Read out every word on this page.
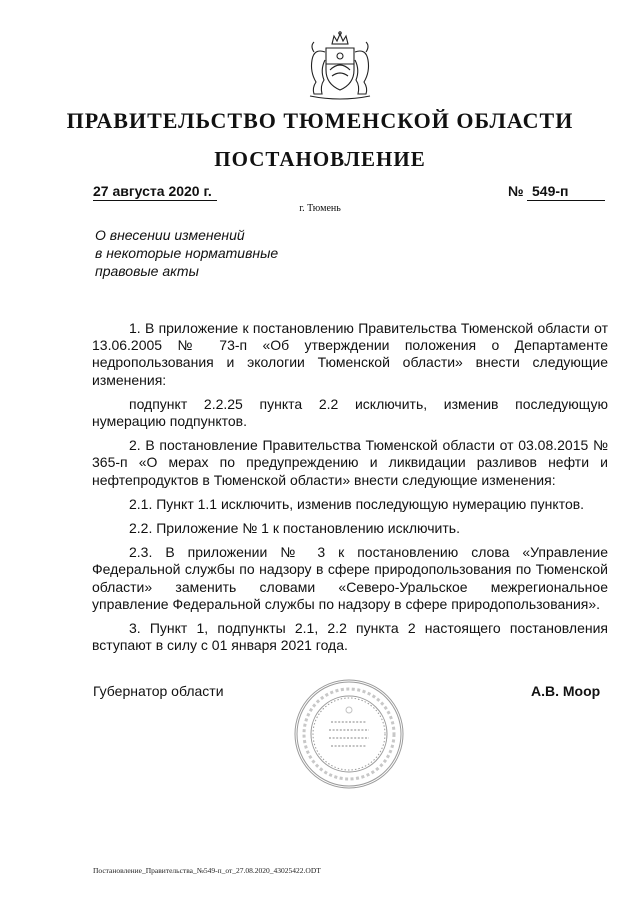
ПРАВИТЕЛЬСТВО ТЮМЕНСКОЙ ОБЛАСТИ
ПОСТАНОВЛЕНИЕ
27 августа 2020 г.	№ 549-п
г. Тюмень
О внесении изменений
в некоторые нормативные
правовые акты

1. В приложение к постановлению Правительства Тюменской области от 13.06.2005 № 73-п «Об утверждении положения о Департаменте недропользования и экологии Тюменской области» внести следующие изменения:

подпункт 2.2.25 пункта 2.2 исключить, изменив последующую нумерацию подпунктов.

2. В постановление Правительства Тюменской области от 03.08.2015 № 365-п «О мерах по предупреждению и ликвидации разливов нефти и нефтепродуктов в Тюменской области» внести следующие изменения:

2.1. Пункт 1.1 исключить, изменив последующую нумерацию пунктов.

2.2. Приложение № 1 к постановлению исключить.

2.3. В приложении № 3 к постановлению слова «Управление Федеральной службы по надзору в сфере природопользования по Тюменской области» заменить словами «Северо-Уральское межрегиональное управление Федеральной службы по надзору в сфере природопользования».

3. Пункт 1, подпункты 2.1, 2.2 пункта 2 настоящего постановления вступают в силу с 01 января 2021 года.

Губернатор области	А.В. Моор
Постановление_Правительства_№549-п_от_27.08.2020_43025422.ODT
